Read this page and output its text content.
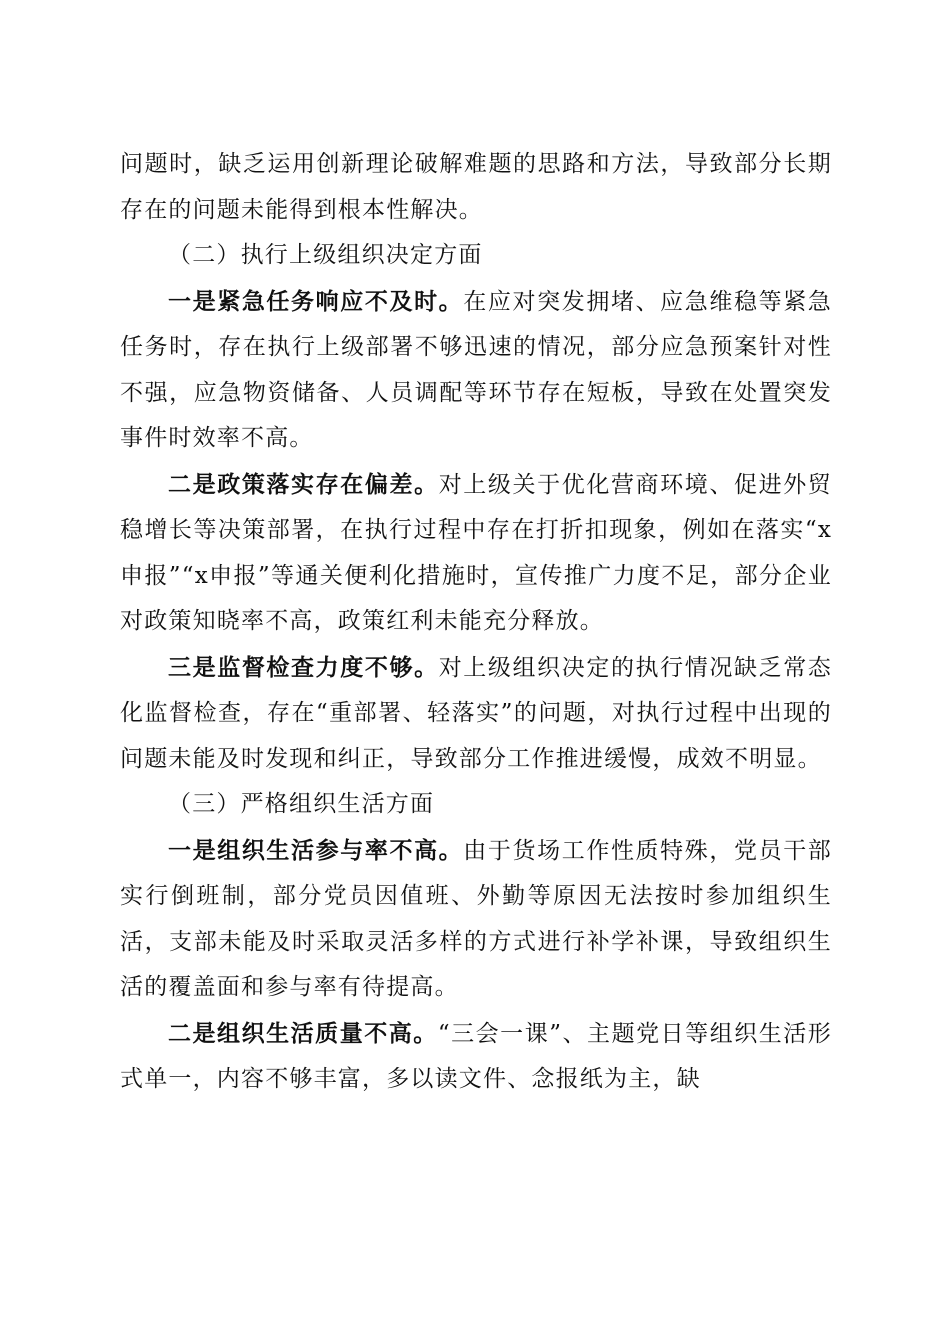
问题时，缺乏运用创新理论破解难题的思路和方法，导致部分长期存在的问题未能得到根本性解决。

（二）执行上级组织决定方面

一是紧急任务响应不及时。在应对突发拥堵、应急维稳等紧急任务时，存在执行上级部署不够迅速的情况，部分应急预案针对性不强，应急物资储备、人员调配等环节存在短板，导致在处置突发事件时效率不高。

二是政策落实存在偏差。对上级关于优化营商环境、促进外贸稳增长等决策部署，在执行过程中存在打折扣现象，例如在落实“x申报”“x申报”等通关便利化措施时，宣传推广力度不足，部分企业对政策知晓率不高，政策红利未能充分释放。

三是监督检查力度不够。对上级组织决定的执行情况缺乏常态化监督检查，存在“重部署、轻落实”的问题，对执行过程中出现的问题未能及时发现和纠正，导致部分工作推进缓慢，成效不明显。

（三）严格组织生活方面

一是组织生活参与率不高。由于货场工作性质特殊，党员干部实行倒班制，部分党员因值班、外勤等原因无法按时参加组织生活，支部未能及时采取灵活多样的方式进行补学补课，导致组织生活的覆盖面和参与率有待提高。

二是组织生活质量不高。“三会一课”、主题党日等组织生活形式单一，内容不够丰富，多以读文件、念报纸为主，缺
